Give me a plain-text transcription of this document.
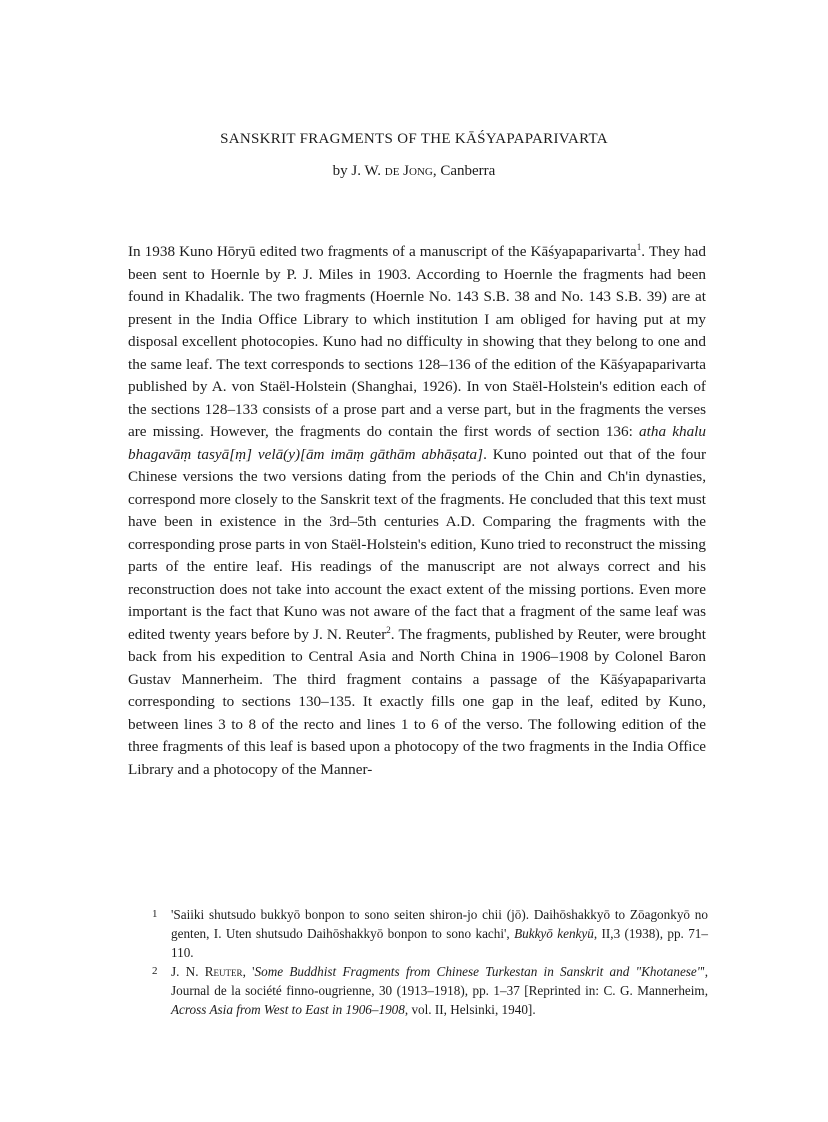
SANSKRIT FRAGMENTS OF THE KĀŚYAPAPARIVARTA
by J. W. de Jong, Canberra

In 1938 Kuno Hōryū edited two fragments of a manuscript of the Kāśyapaparivarta$^1$. They had been sent to Hoernle by P. J. Miles in 1903. According to Hoernle the fragments had been found in Khadalik. The two fragments (Hoernle No. 143 S.B. 38 and No. 143 S.B. 39) are at present in the India Office Library to which institution I am obliged for having put at my disposal excellent photocopies. Kuno had no difficulty in showing that they belong to one and the same leaf. The text corresponds to sections 128–136 of the edition of the Kāśyapaparivarta published by A. von Staël-Holstein (Shanghai, 1926). In von Staël-Holstein's edition each of the sections 128–133 consists of a prose part and a verse part, but in the fragments the verses are missing. However, the fragments do contain the first words of section 136: atha khalu bhagavāṃ tasyā[ṃ] velā(y)[ām imāṃ gāthām abhāṣata]. Kuno pointed out that of the four Chinese versions the two versions dating from the periods of the Chin and Ch'in dynasties, correspond more closely to the Sanskrit text of the fragments. He concluded that this text must have been in existence in the 3rd–5th centuries A.D. Comparing the fragments with the corresponding prose parts in von Staël-Holstein's edition, Kuno tried to reconstruct the missing parts of the entire leaf. His readings of the manuscript are not always correct and his reconstruction does not take into account the exact extent of the missing portions. Even more important is the fact that Kuno was not aware of the fact that a fragment of the same leaf was edited twenty years before by J. N. Reuter$^2$. The fragments, published by Reuter, were brought back from his expedition to Central Asia and North China in 1906–1908 by Colonel Baron Gustav Mannerheim. The third fragment contains a passage of the Kāśyapaparivarta corresponding to sections 130–135. It exactly fills one gap in the leaf, edited by Kuno, between lines 3 to 8 of the recto and lines 1 to 6 of the verso. The following edition of the three fragments of this leaf is based upon a photocopy of the two fragments in the India Office Library and a photocopy of the Manner-

1 'Saiiki shutsudo bukkyō bonpon to sono seiten shiron-jo chii (jō). Daihōshakkyō to Zōagonkyō no genten, I. Uten shutsudo Daihōshakkyō bonpon to sono kachi', Bukkyō kenkyū, II,3 (1938), pp. 71–110.

2 J. N. Reuter, 'Some Buddhist Fragments from Chinese Turkestan in Sanskrit and "Khotanese"', Journal de la société finno-ougrienne, 30 (1913–1918), pp. 1–37 [Reprinted in: C. G. Mannerheim, Across Asia from West to East in 1906–1908, vol. II, Helsinki, 1940].
